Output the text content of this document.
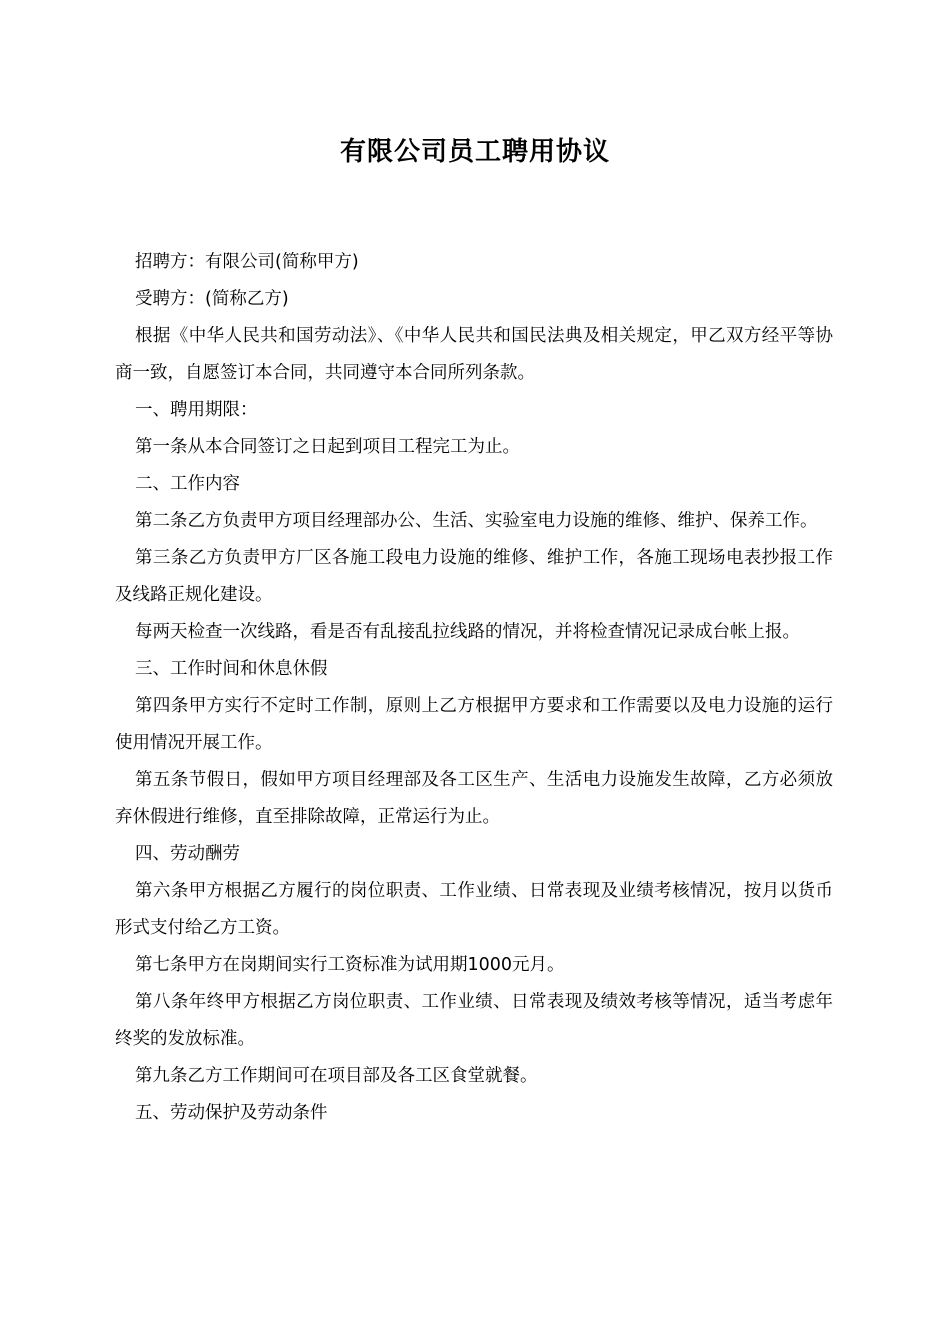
有限公司员工聘用协议

招聘方：有限公司(简称甲方)

受聘方：(简称乙方)

根据《中华人民共和国劳动法》、《中华人民共和国民法典及相关规定，甲乙双方经平等协商一致，自愿签订本合同，共同遵守本合同所列条款。

一、聘用期限：

第一条从本合同签订之日起到项目工程完工为止。

二、工作内容

第二条乙方负责甲方项目经理部办公、生活、实验室电力设施的维修、维护、保养工作。

第三条乙方负责甲方厂区各施工段电力设施的维修、维护工作，各施工现场电表抄报工作及线路正规化建设。

每两天检查一次线路，看是否有乱接乱拉线路的情况，并将检查情况记录成台帐上报。

三、工作时间和休息休假

第四条甲方实行不定时工作制，原则上乙方根据甲方要求和工作需要以及电力设施的运行使用情况开展工作。

第五条节假日，假如甲方项目经理部及各工区生产、生活电力设施发生故障，乙方必须放弃休假进行维修，直至排除故障，正常运行为止。

四、劳动酬劳

第六条甲方根据乙方履行的岗位职责、工作业绩、日常表现及业绩考核情况，按月以货币形式支付给乙方工资。

第七条甲方在岗期间实行工资标准为试用期1000元月。

第八条年终甲方根据乙方岗位职责、工作业绩、日常表现及绩效考核等情况，适当考虑年终奖的发放标准。

第九条乙方工作期间可在项目部及各工区食堂就餐。

五、劳动保护及劳动条件
